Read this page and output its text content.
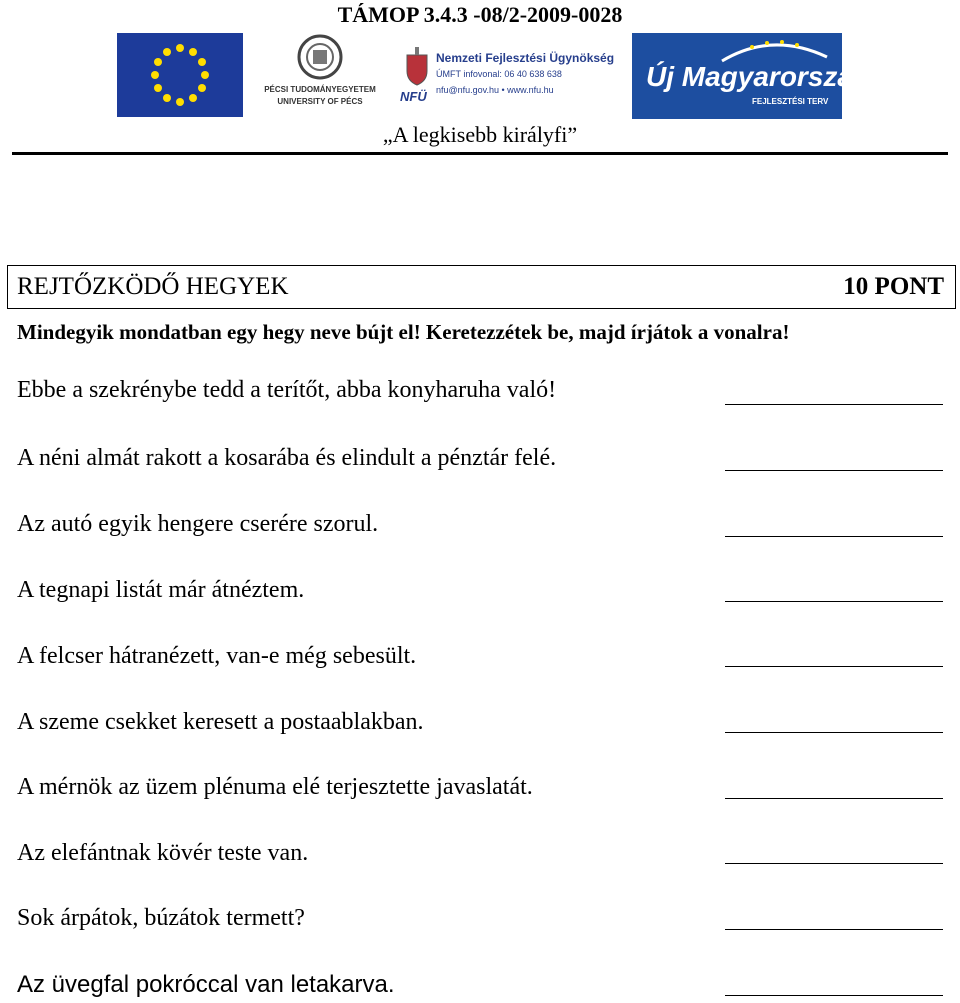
TÁMOP 3.4.3 -08/2-2009-0028
PÉCSI TUDOMÁNYEGYETEM
UNIVERSITY OF PÉCS	NFÜ
Nemzeti Fejlesztési Ügynökség
ÚMFT infovonal: 06 40 638 638
nfu@nfu.gov.hu • www.nfu.hu	Új Magyarország
FEJLESZTÉSI TERV
„A legkisebb királyfi”
REJTŐZKÖDŐ HEGYEK	10 PONT
Mindegyik mondatban egy hegy neve bújt el! Keretezzétek be, majd írjátok a vonalra!
Ebbe a szekrénybe tedd a terítőt, abba konyharuha való!
A néni almát rakott a kosarába és elindult a pénztár felé.
Az autó egyik hengere cserére szorul.
A tegnapi listát már átnéztem.
A felcser hátranézett, van-e még sebesült.
A szeme csekket keresett a postaablakban.
A mérnök az üzem plénuma elé terjesztette javaslatát.
Az elefántnak kövér teste van.
Sok árpátok, búzátok termett?
Az üvegfal pokróccal van letakarva.
